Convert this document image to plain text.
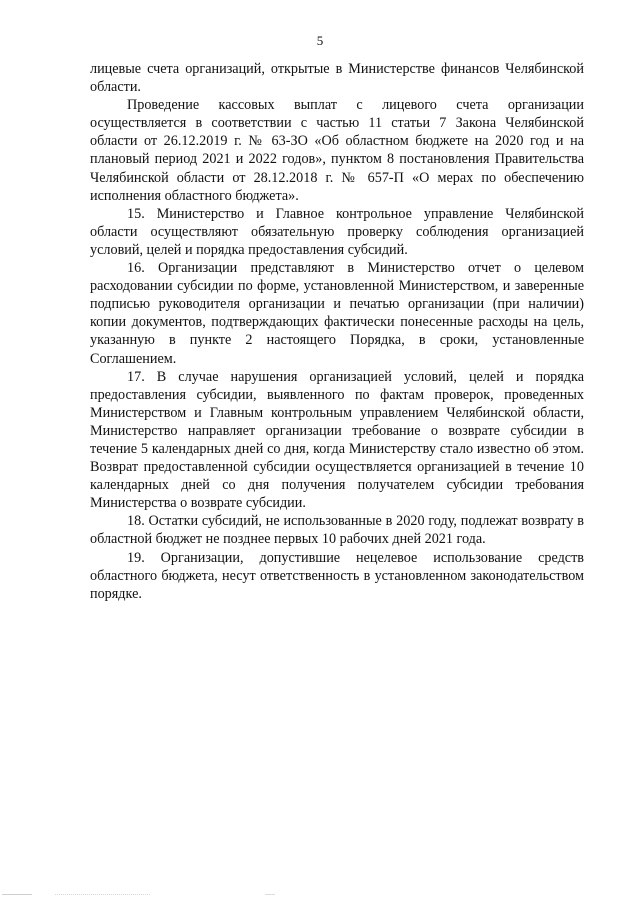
5

лицевые счета организаций, открытые в Министерстве финансов Челябинской области.

Проведение кассовых выплат с лицевого счета организации осуществляется в соответствии с частью 11 статьи 7 Закона Челябинской области от 26.12.2019 г. № 63-ЗО «Об областном бюджете на 2020 год и на плановый период 2021 и 2022 годов», пунктом 8 постановления Правительства Челябинской области от 28.12.2018 г. № 657-П «О мерах по обеспечению исполнения областного бюджета».

15. Министерство и Главное контрольное управление Челябинской области осуществляют обязательную проверку соблюдения организацией условий, целей и порядка предоставления субсидий.

16. Организации представляют в Министерство отчет о целевом расходовании субсидии по форме, установленной Министерством, и заверенные подписью руководителя организации и печатью организации (при наличии) копии документов, подтверждающих фактически понесенные расходы на цель, указанную в пункте 2 настоящего Порядка, в сроки, установленные Соглашением.

17. В случае нарушения организацией условий, целей и порядка предоставления субсидии, выявленного по фактам проверок, проведенных Министерством и Главным контрольным управлением Челябинской области, Министерство направляет организации требование о возврате субсидии в течение 5 календарных дней со дня, когда Министерству стало известно об этом. Возврат предоставленной субсидии осуществляется организацией в течение 10 календарных дней со дня получения получателем субсидии требования Министерства о возврате субсидии.

18. Остатки субсидий, не использованные в 2020 году, подлежат возврату в областной бюджет не позднее первых 10 рабочих дней 2021 года.

19. Организации, допустившие нецелевое использование средств областного бюджета, несут ответственность в установленном законодательством порядке.
